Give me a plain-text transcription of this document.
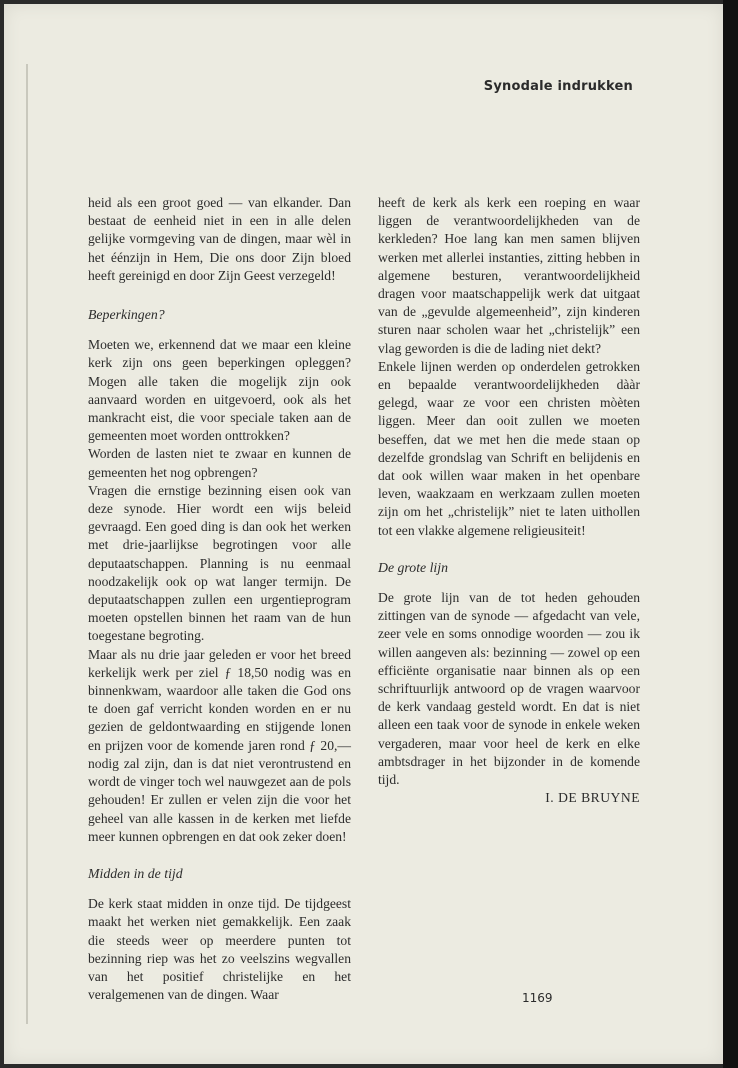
Synodale indrukken

heid als een groot goed — van elkander. Dan bestaat de eenheid niet in een in alle delen gelijke vormgeving van de dingen, maar wèl in het éénzijn in Hem, Die ons door Zijn bloed heeft gereinigd en door Zijn Geest verzegeld!

Beperkingen?

Moeten we, erkennend dat we maar een kleine kerk zijn ons geen beperkingen opleggen? Mogen alle taken die mogelijk zijn ook aanvaard worden en uitgevoerd, ook als het mankracht eist, die voor speciale taken aan de gemeenten moet worden onttrokken?

Worden de lasten niet te zwaar en kunnen de gemeenten het nog opbrengen?

Vragen die ernstige bezinning eisen ook van deze synode. Hier wordt een wijs beleid gevraagd. Een goed ding is dan ook het werken met drie-jaarlijkse begrotingen voor alle deputaatschappen. Planning is nu eenmaal noodzakelijk ook op wat langer termijn. De deputaatschappen zullen een urgentieprogram moeten opstellen binnen het raam van de hun toegestane begroting.

Maar als nu drie jaar geleden er voor het breed kerkelijk werk per ziel ƒ 18,50 nodig was en binnenkwam, waardoor alle taken die God ons te doen gaf verricht konden worden en er nu gezien de geldontwaarding en stijgende lonen en prijzen voor de komende jaren rond ƒ 20,— nodig zal zijn, dan is dat niet verontrustend en wordt de vinger toch wel nauwgezet aan de pols gehouden! Er zullen er velen zijn die voor het geheel van alle kassen in de kerken met liefde meer kunnen opbrengen en dat ook zeker doen!

Midden in de tijd

De kerk staat midden in onze tijd. De tijdgeest maakt het werken niet gemakkelijk. Een zaak die steeds weer op meerdere punten tot bezinning riep was het zo veelszins wegvallen van het positief christelijke en het veralgemenen van de dingen. Waar

heeft de kerk als kerk een roeping en waar liggen de verantwoordelijkheden van de kerkleden? Hoe lang kan men samen blijven werken met allerlei instanties, zitting hebben in algemene besturen, verantwoordelijkheid dragen voor maatschappelijk werk dat uitgaat van de „gevulde algemeenheid”, zijn kinderen sturen naar scholen waar het „christelijk” een vlag geworden is die de lading niet dekt?

Enkele lijnen werden op onderdelen getrokken en bepaalde verantwoordelijkheden dààr gelegd, waar ze voor een christen mòèten liggen. Meer dan ooit zullen we moeten beseffen, dat we met hen die mede staan op dezelfde grondslag van Schrift en belijdenis en dat ook willen waar maken in het openbare leven, waakzaam en werkzaam zullen moeten zijn om het „christelijk” niet te laten uithollen tot een vlakke algemene religieusiteit!

De grote lijn

De grote lijn van de tot heden gehouden zittingen van de synode — afgedacht van vele, zeer vele en soms onnodige woorden — zou ik willen aangeven als: bezinning — zowel op een efficiënte organisatie naar binnen als op een schriftuurlijk antwoord op de vragen waarvoor de kerk vandaag gesteld wordt. En dat is niet alleen een taak voor de synode in enkele weken vergaderen, maar voor heel de kerk en elke ambtsdrager in het bijzonder in de komende tijd.

I. DE BRUYNE

1169
